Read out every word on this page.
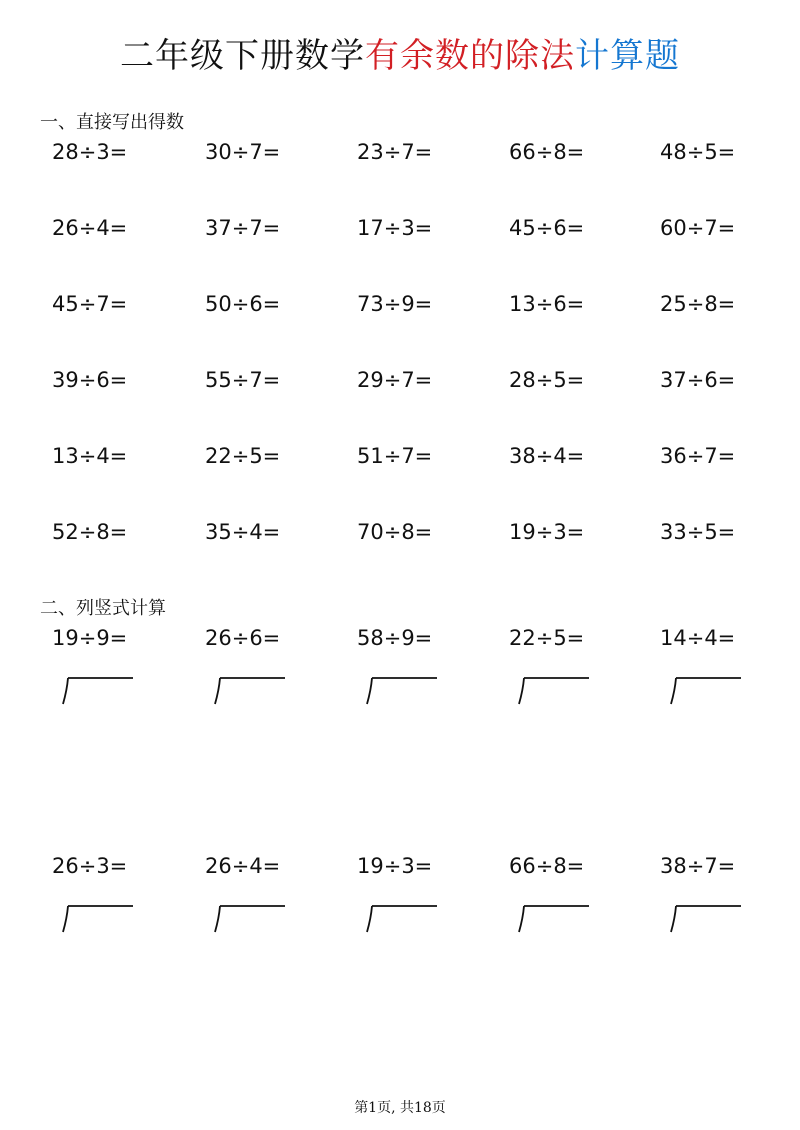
二年级下册数学有余数的除法计算题
一、直接写出得数
28÷3=	30÷7=	23÷7=	66÷8=	48÷5=
26÷4=	37÷7=	17÷3=	45÷6=	60÷7=
45÷7=	50÷6=	73÷9=	13÷6=	25÷8=
39÷6=	55÷7=	29÷7=	28÷5=	37÷6=
13÷4=	22÷5=	51÷7=	38÷4=	36÷7=
52÷8=	35÷4=	70÷8=	19÷3=	33÷5=
二、列竖式计算
19÷9=	26÷6=	58÷9=	22÷5=	14÷4=
26÷3=	26÷4=	19÷3=	66÷8=	38÷7=
第1页, 共18页
